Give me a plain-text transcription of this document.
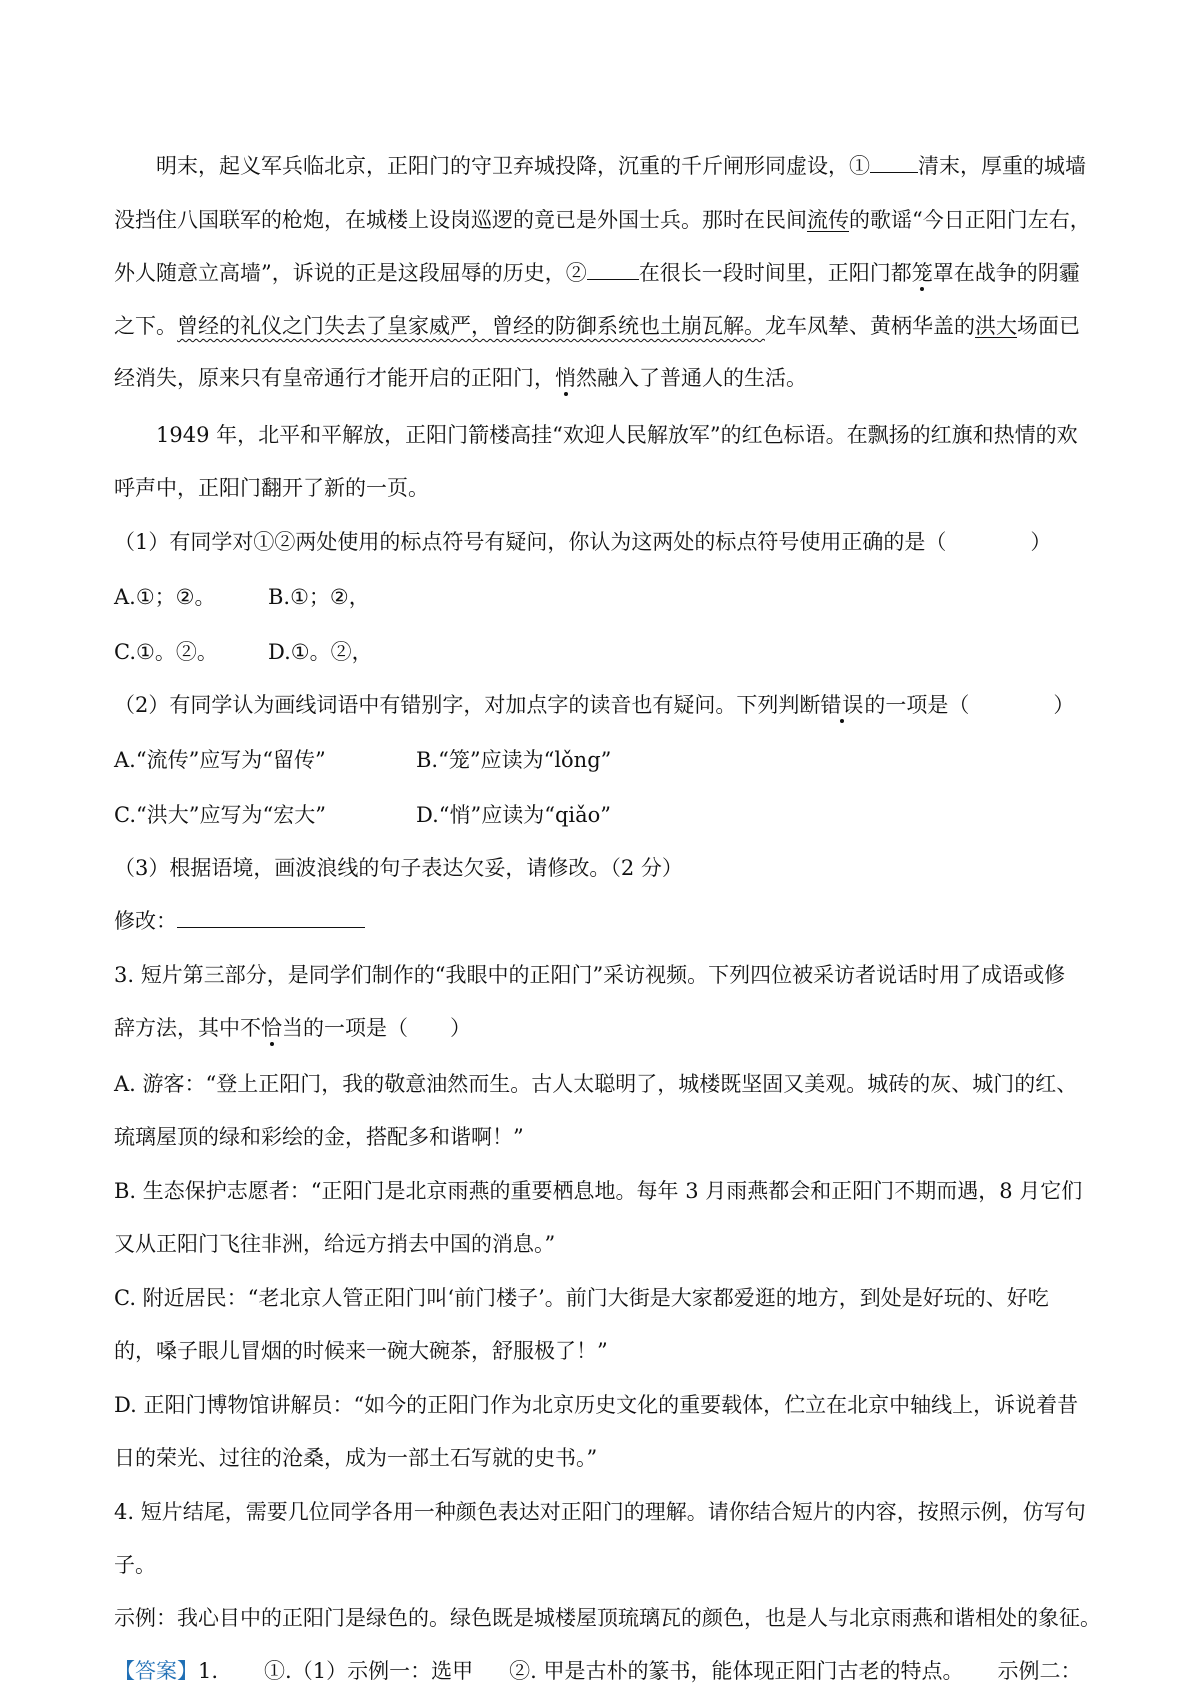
明末，起义军兵临北京，正阳门的守卫弃城投降，沉重的千斤闸形同虚设，① 清末，厚重的城墙
没挡住八国联军的枪炮，在城楼上设岗巡逻的竟已是外国士兵。那时在民间流传的歌谣“今日正阳门左右，
外人随意立高墙”，诉说的正是这段屈辱的历史，② 在很长一段时间里，正阳门都笼罩在战争的阴霾
之下。曾经的礼仪之门失去了皇家威严，曾经的防御系统也土崩瓦解。龙车凤辇、黄柄华盖的洪大场面已
经消失，原来只有皇帝通行才能开启的正阳门，悄然融入了普通人的生活。
1949 年，北平和平解放，正阳门箭楼高挂“欢迎人民解放军”的红色标语。在飘扬的红旗和热情的欢
呼声中，正阳门翻开了新的一页。
（1）有同学对①②两处使用的标点符号有疑问，你认为这两处的标点符号使用正确的是（　　　　）
A.①；②。	B.①；②，
C.①。②。 D.①。②，
（2）有同学认为画线词语中有错别字，对加点字的读音也有疑问。下列判断错误的一项是（　　　　）
A.“流传”应写为“留传”	B.“笼”应读为“lǒng”
C.“洪大”应写为“宏大”	D.“悄”应读为“qiǎo”
（3）根据语境，画波浪线的句子表达欠妥，请修改。（2 分）
修改：
3. 短片第三部分，是同学们制作的“我眼中的正阳门”采访视频。下列四位被采访者说话时用了成语或修
辞方法，其中不恰当的一项是（　　）
A. 游客：“登上正阳门，我的敬意油然而生。古人太聪明了，城楼既坚固又美观。城砖的灰、城门的红、
琉璃屋顶的绿和彩绘的金，搭配多和谐啊！”
B. 生态保护志愿者：“正阳门是北京雨燕的重要栖息地。每年 3 月雨燕都会和正阳门不期而遇，8 月它们
又从正阳门飞往非洲，给远方捎去中国的消息。”
C. 附近居民：“老北京人管正阳门叫‘前门楼子’。前门大街是大家都爱逛的地方，到处是好玩的、好吃
的，嗓子眼儿冒烟的时候来一碗大碗茶，舒服极了！”
D. 正阳门博物馆讲解员：“如今的正阳门作为北京历史文化的重要载体，伫立在北京中轴线上，诉说着昔
日的荣光、过往的沧桑，成为一部土石写就的史书。”
4. 短片结尾，需要几位同学各用一种颜色表达对正阳门的理解。请你结合短片的内容，按照示例，仿写句
子。
示例：我心目中的正阳门是绿色的。绿色既是城楼屋顶琉璃瓦的颜色，也是人与北京雨燕和谐相处的象征。
【答案】1. ①.（1）示例一：选甲 ②. 甲是古朴的篆书，能体现正阳门古老的特点。 示例二：
